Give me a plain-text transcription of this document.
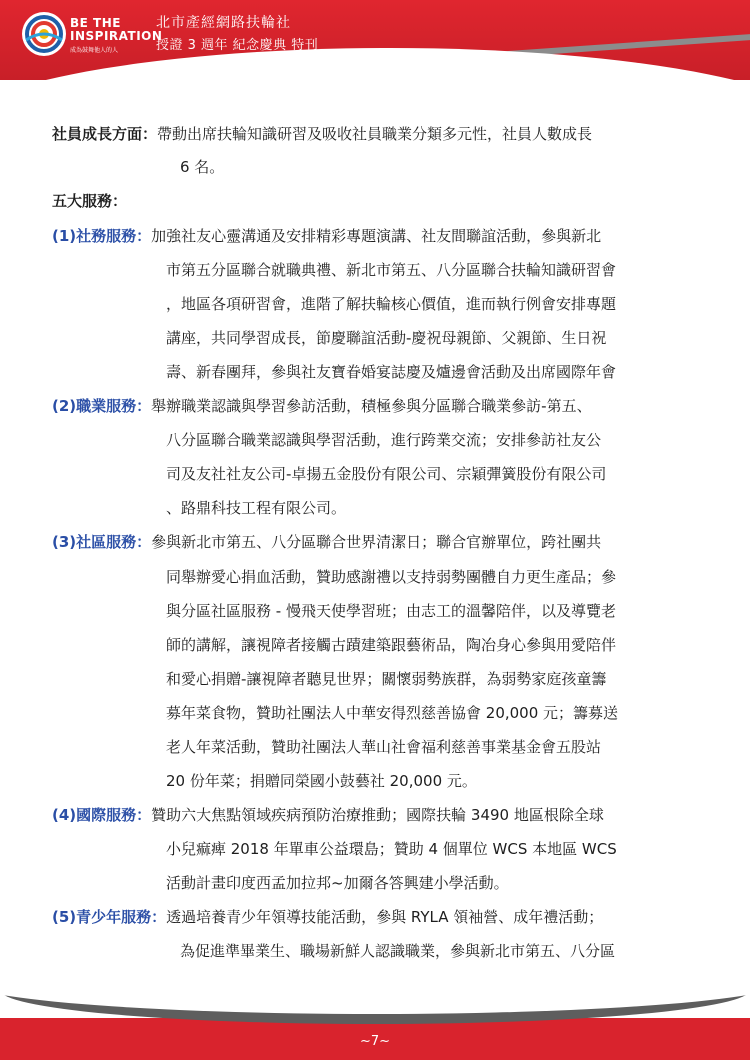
BE THE
INSPIRATION
成為鼓舞他人的人
北市產經網路扶輪社
授證 3 週年 紀念慶典 特刊
社員成長方面：帶動出席扶輪知識研習及吸收社員職業分類多元性，社員人數成長
6 名。
五大服務：
(1)社務服務：加強社友心靈溝通及安排精彩專題演講、社友間聯誼活動，參與新北
市第五分區聯合就職典禮、新北市第五、八分區聯合扶輪知識研習會
，地區各項研習會，進階了解扶輪核心價值，進而執行例會安排專題
講座，共同學習成長，節慶聯誼活動-慶祝母親節、父親節、生日祝
壽、新春團拜，參與社友寶眷婚宴誌慶及爐邊會活動及出席國際年會
(2)職業服務：舉辦職業認識與學習參訪活動，積極參與分區聯合職業參訪-第五、
八分區聯合職業認識與學習活動，進行跨業交流；安排參訪社友公
司及友社社友公司-卓揚五金股份有限公司、宗穎彈簧股份有限公司
、路鼎科技工程有限公司。
(3)社區服務：參與新北市第五、八分區聯合世界清潔日；聯合官辦單位，跨社團共
同舉辦愛心捐血活動，贊助感謝禮以支持弱勢團體自力更生產品；參
與分區社區服務 - 慢飛天使學習班；由志工的溫馨陪伴，以及導覽老
師的講解，讓視障者接觸古蹟建築跟藝術品，陶冶身心參與用愛陪伴
和愛心捐贈-讓視障者聽見世界；關懷弱勢族群，為弱勢家庭孩童籌
募年菜食物，贊助社團法人中華安得烈慈善協會 20,000 元；籌募送
老人年菜活動，贊助社團法人華山社會福利慈善事業基金會五股站
20 份年菜；捐贈同榮國小鼓藝社 20,000 元。
(4)國際服務：贊助六大焦點領域疾病預防治療推動；國際扶輪 3490 地區根除全球
小兒痲痺 2018 年單車公益環島；贊助 4 個單位 WCS 本地區 WCS
活動計畫印度西孟加拉邦~加爾各答興建小學活動。
(5)青少年服務：透過培養青少年領導技能活動，參與 RYLA 領袖營、成年禮活動；
為促進準畢業生、職場新鮮人認識職業，參與新北市第五、八分區
~7~
